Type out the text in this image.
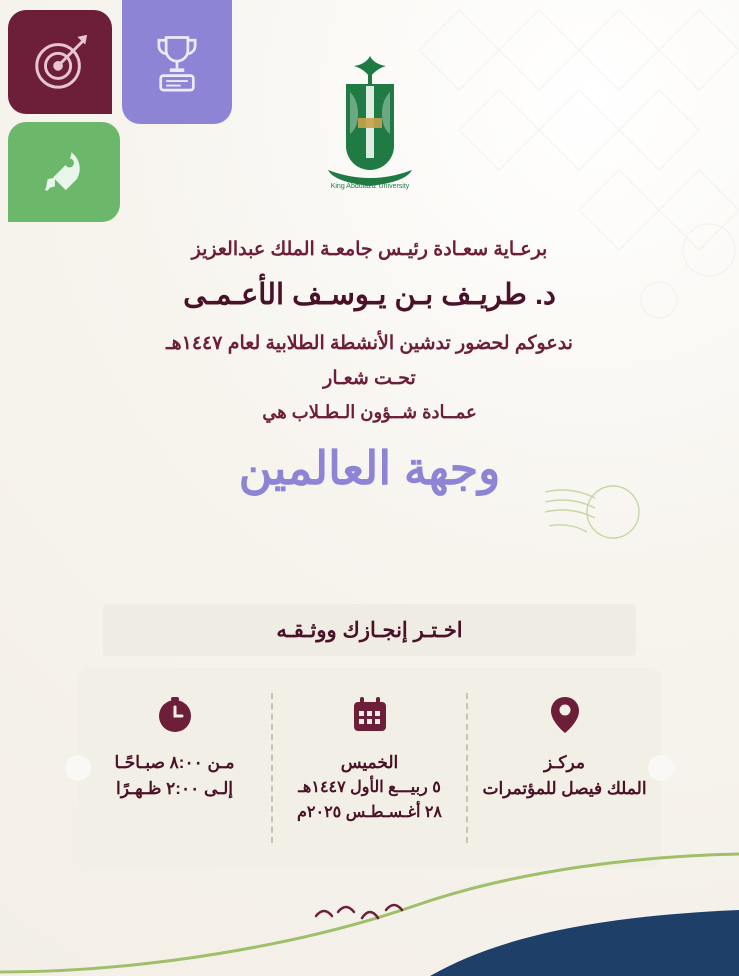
King Abdulaziz University
برعـاية سعـادة رئيـس جامعـة الملك عبدالعزيز
د. طريـف بـن يـوسـف الأعـمـى
ندعوكم لحضور تدشين الأنشطة الطلابية لعام ١٤٤٧هـ
تحـت شعـار
عمــادة شــؤون الـطـلاب هي
وجهة العالمين
اخـتـر إنجـازك ووثـقـه
مركـز
الملك فيصل للمؤتمرات
الخميس
٥ ربيـــع الأول ١٤٤٧هـ
٢٨ أغـسـطـس ٢٠٢٥م
مـن ٨:٠٠ صبـاحًـا
إلـى ٢:٠٠ ظـهـرًا
